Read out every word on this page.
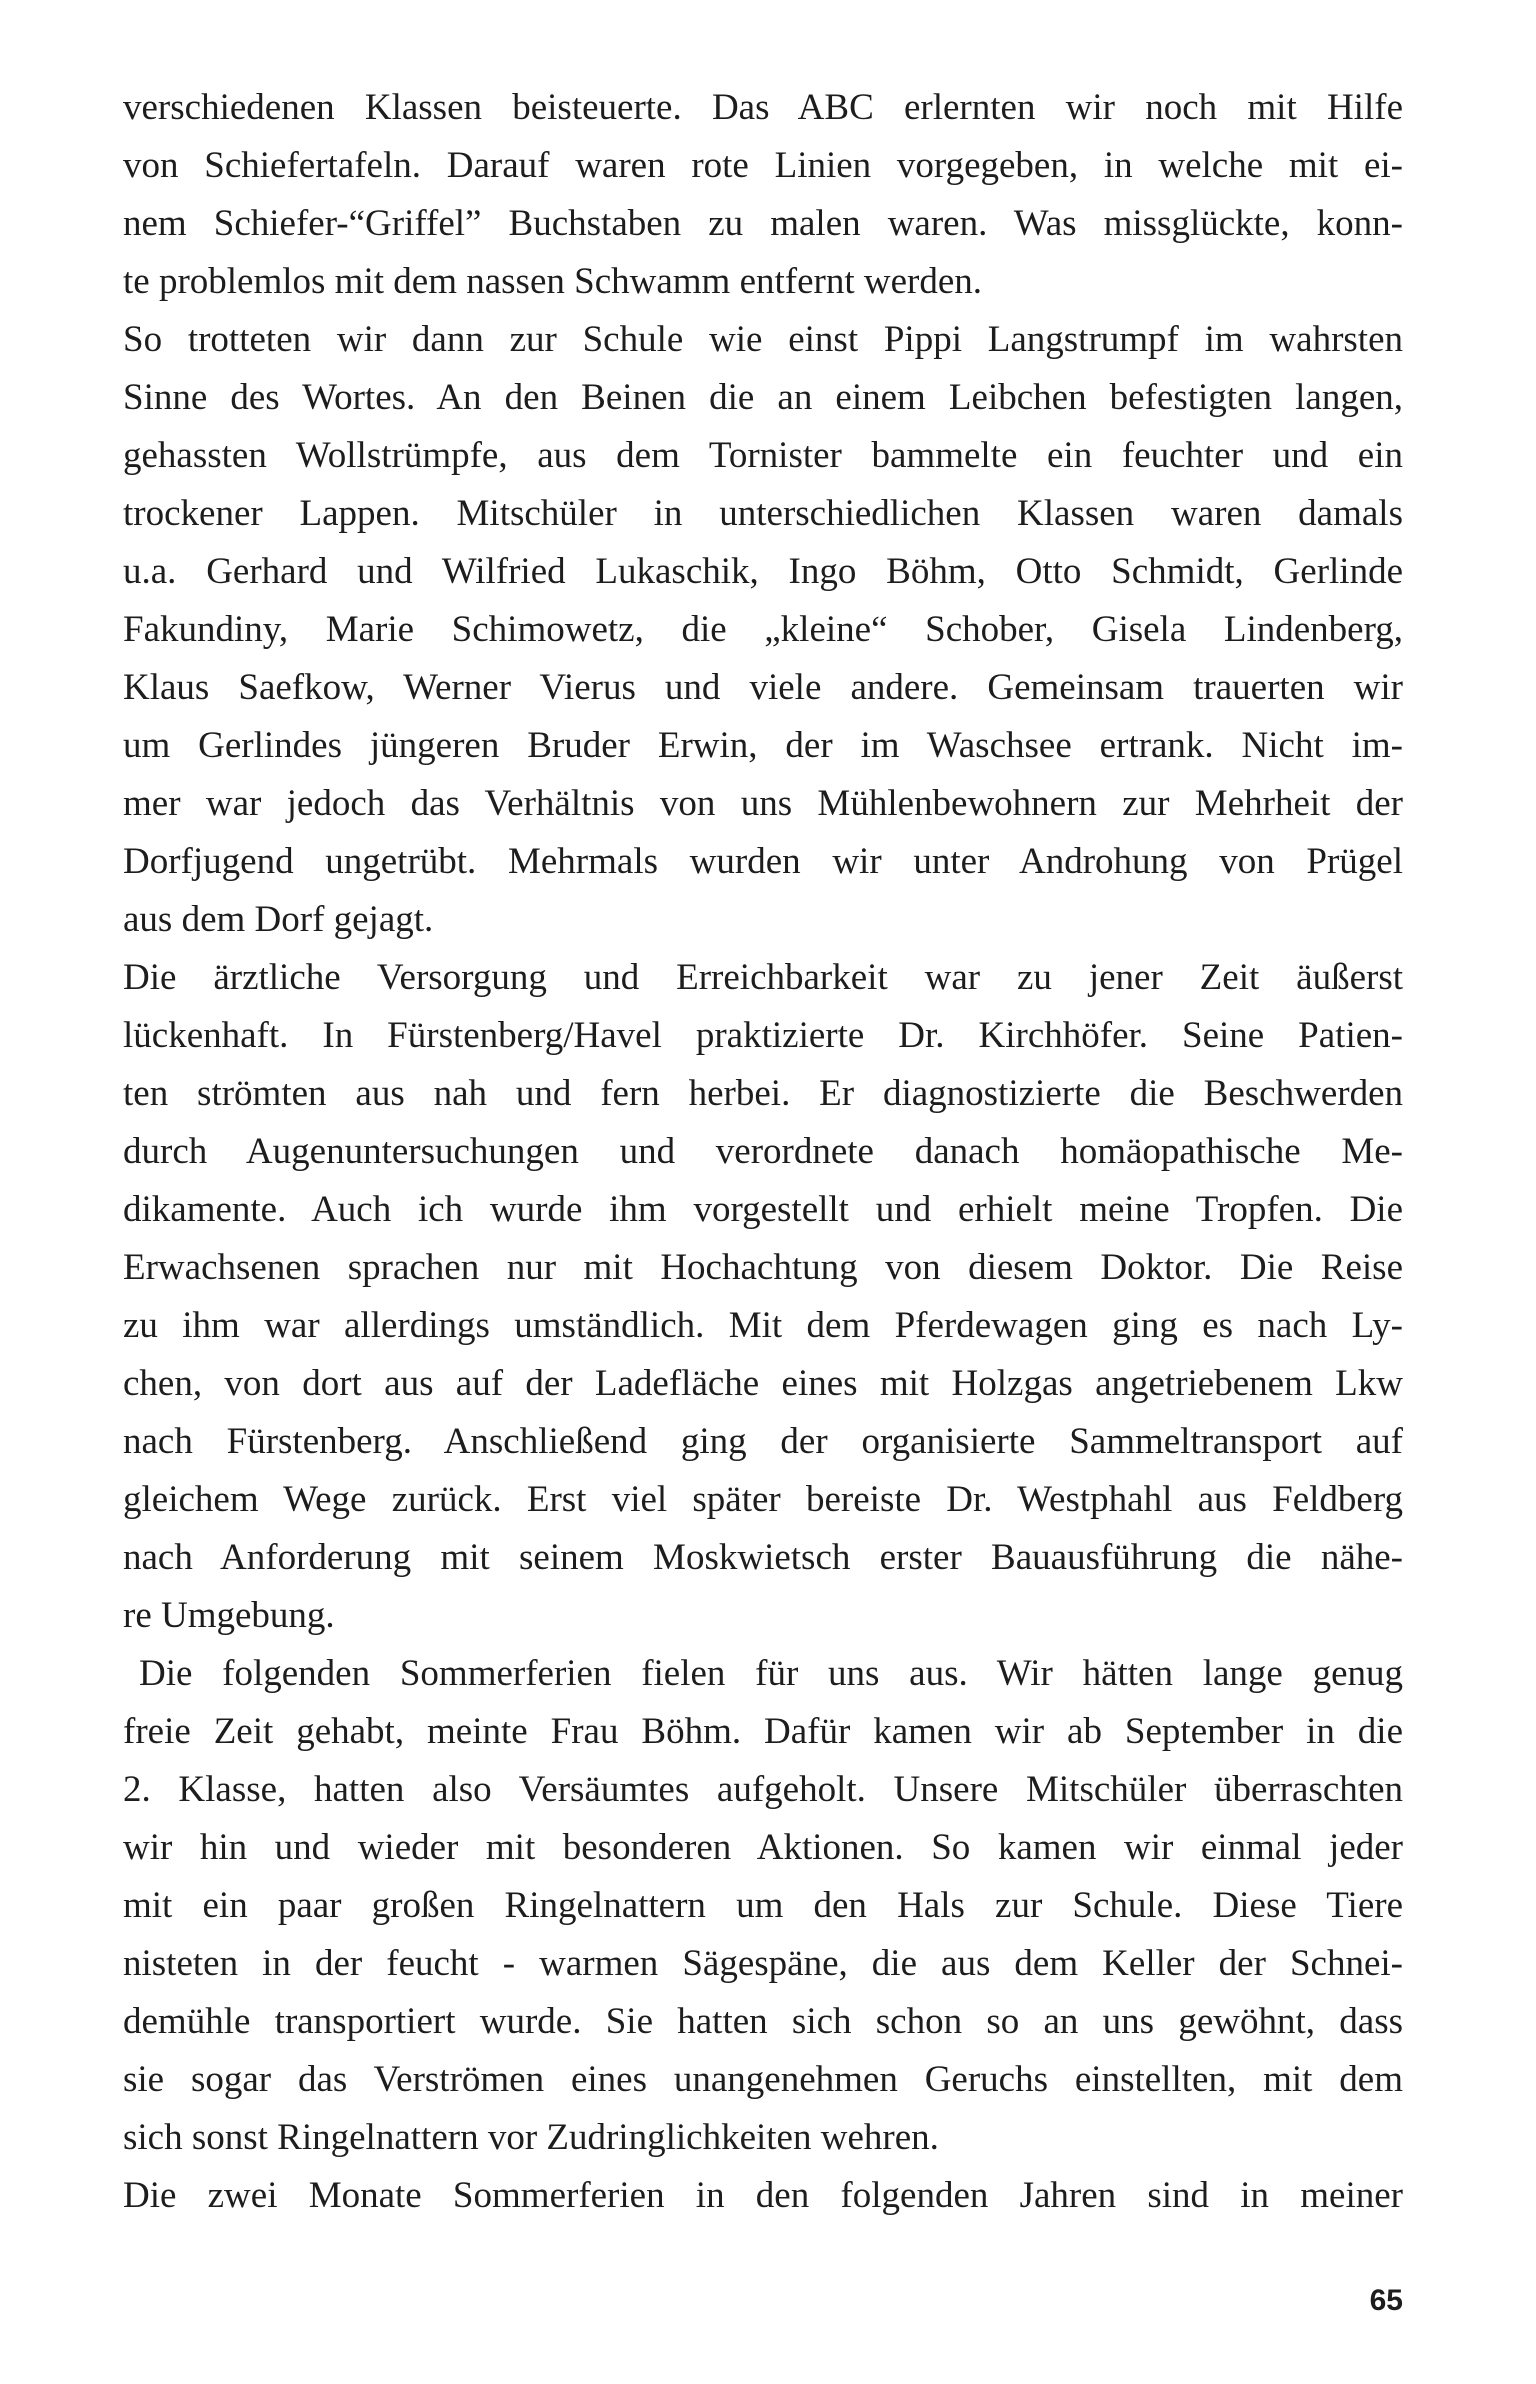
verschiedenen Klassen beisteuerte. Das ABC erlernten wir noch mit Hilfe
von Schiefertafeln. Darauf waren rote Linien vorgegeben, in welche mit ei-
nem Schiefer-“Griffel” Buchstaben zu malen waren. Was missglückte, konn-
te problemlos mit dem nassen Schwamm entfernt werden.
So trotteten wir dann zur Schule wie einst Pippi Langstrumpf im wahrsten
Sinne des Wortes. An den Beinen die an einem Leibchen befestigten langen,
gehassten Wollstrümpfe, aus dem Tornister bammelte ein feuchter und ein
trockener Lappen. Mitschüler in unterschiedlichen Klassen waren damals
u.a. Gerhard und Wilfried Lukaschik, Ingo Böhm, Otto Schmidt, Gerlinde
Fakundiny, Marie Schimowetz, die „kleine“ Schober, Gisela Lindenberg,
Klaus Saefkow, Werner Vierus und viele andere. Gemeinsam trauerten wir
um Gerlindes jüngeren Bruder Erwin, der im Waschsee ertrank. Nicht im-
mer war jedoch das Verhältnis von uns Mühlenbewohnern zur Mehrheit der
Dorfjugend ungetrübt. Mehrmals wurden wir unter Androhung von Prügel
aus dem Dorf gejagt.
Die ärztliche Versorgung und Erreichbarkeit war zu jener Zeit äußerst
lückenhaft. In Fürstenberg/Havel praktizierte Dr. Kirchhöfer. Seine Patien-
ten strömten aus nah und fern herbei. Er diagnostizierte die Beschwerden
durch Augenuntersuchungen und verordnete danach homäopathische Me-
dikamente. Auch ich wurde ihm vorgestellt und erhielt meine Tropfen. Die
Erwachsenen sprachen nur mit Hochachtung von diesem Doktor. Die Reise
zu ihm war allerdings umständlich. Mit dem Pferdewagen ging es nach Ly-
chen, von dort aus auf der Ladefläche eines mit Holzgas angetriebenem Lkw
nach Fürstenberg. Anschließend ging der organisierte Sammeltransport auf
gleichem Wege zurück. Erst viel später bereiste Dr. Westphahl aus Feldberg
nach Anforderung mit seinem Moskwietsch erster Bauausführung die nähe-
re Umgebung.
Die folgenden Sommerferien fielen für uns aus. Wir hätten lange genug
freie Zeit gehabt, meinte Frau Böhm. Dafür kamen wir ab September in die
2. Klasse, hatten also Versäumtes aufgeholt. Unsere Mitschüler überraschten
wir hin und wieder mit besonderen Aktionen. So kamen wir einmal jeder
mit ein paar großen Ringelnattern um den Hals zur Schule. Diese Tiere
nisteten in der feucht - warmen Sägespäne, die aus dem Keller der Schnei-
demühle transportiert wurde. Sie hatten sich schon so an uns gewöhnt, dass
sie sogar das Verströmen eines unangenehmen Geruchs einstellten, mit dem
sich sonst Ringelnattern vor Zudringlichkeiten wehren.
Die zwei Monate Sommerferien in den folgenden Jahren sind in meiner
65
